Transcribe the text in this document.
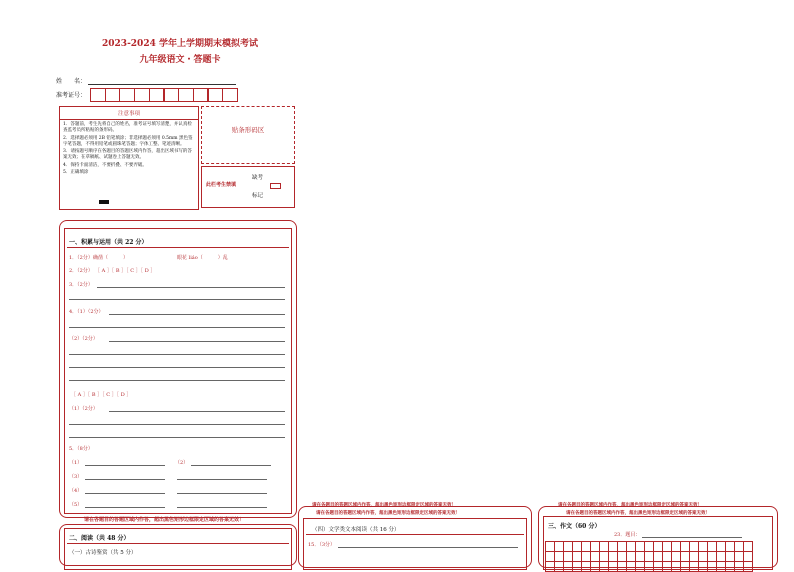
2023-2024 学年上学期期末模拟考试
九年级语文・答题卡
姓　　名：
准考证号：
注意事项
1．答题前，考生先将自己的姓名，准考证号填写清楚，并认真检查监考员所粘贴的条形码。
2．选择题必须用 2B 铅笔填涂；非选择题必须用 0.5mm 黑色签字笔答题，不得用铅笔或圆珠笔答题；字体工整、笔迹清晰。
3．请按题号顺序在各题目的答题区域内作答，超出区域书写的答案无效；在草稿纸、试题卷上答题无效。
4．保持卡面清洁，不要折叠、不要弄破。
5．正确填涂
贴条形码区
缺考
此栏考生禁填
标记
一、积累与运用（共 22 分）
1．（2分） 确凿（　　　）	眼花 liáo（　　　）乱
2．（2分） ［ A ］［ B ］［ C ］［ D ］
3．（2分）
4．（1）（2分）
（2）（2分）
［ A ］［ B ］［ C ］［ D ］
（1）（2分）
5．（8分）
（1）	（2）
（3）
（4）
（5）
请在各题目的答题区域内作答，超出黑色矩形边框限定区域的答案无效！
二、阅读（共 48 分）
（一）古诗鉴赏（共 5 分）
请在各题目的答题区域内作答，超出黑色矩形边框限定区域的答案无效！
请在各题目的答题区域内作答，超出黑色矩形边框限定区域的答案无效！
（四）文学类文本阅读（共 16 分）
15．（3分）
请在各题目的答题区域内作答，超出黑色矩形边框限定区域的答案无效！
请在各题目的答题区域内作答，超出黑色矩形边框限定区域的答案无效！
三、作文（60 分）
23．题目：
